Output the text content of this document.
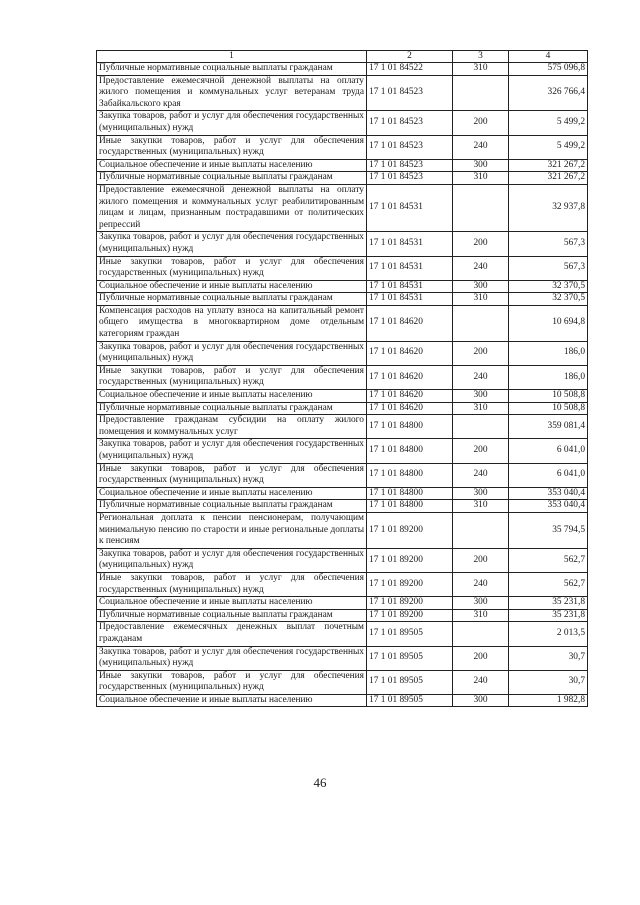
1	2	3	4
Публичные нормативные социальные выплаты гражданам	17 1 01 84522	310	575 096,8
Предоставление ежемесячной денежной выплаты на оплату жилого помещения и коммунальных услуг ветеранам труда Забайкальского края	17 1 01 84523		326 766,4
Закупка товаров, работ и услуг для обеспечения государственных (муниципальных) нужд	17 1 01 84523	200	5 499,2
Иные закупки товаров, работ и услуг для обеспечения государственных (муниципальных) нужд	17 1 01 84523	240	5 499,2
Социальное обеспечение и иные выплаты населению	17 1 01 84523	300	321 267,2
Публичные нормативные социальные выплаты гражданам	17 1 01 84523	310	321 267,2
Предоставление ежемесячной денежной выплаты на оплату жилого помещения и коммунальных услуг реабилитированным лицам и лицам, признанным пострадавшими от политических репрессий	17 1 01 84531		32 937,8
Закупка товаров, работ и услуг для обеспечения государственных (муниципальных) нужд	17 1 01 84531	200	567,3
Иные закупки товаров, работ и услуг для обеспечения государственных (муниципальных) нужд	17 1 01 84531	240	567,3
Социальное обеспечение и иные выплаты населению	17 1 01 84531	300	32 370,5
Публичные нормативные социальные выплаты гражданам	17 1 01 84531	310	32 370,5
Компенсация расходов на уплату взноса на капитальный ремонт общего имущества в многоквартирном доме отдельным категориям граждан	17 1 01 84620		10 694,8
Закупка товаров, работ и услуг для обеспечения государственных (муниципальных) нужд	17 1 01 84620	200	186,0
Иные закупки товаров, работ и услуг для обеспечения государственных (муниципальных) нужд	17 1 01 84620	240	186,0
Социальное обеспечение и иные выплаты населению	17 1 01 84620	300	10 508,8
Публичные нормативные социальные выплаты гражданам	17 1 01 84620	310	10 508,8
Предоставление гражданам субсидии на оплату жилого помещения и коммунальных услуг	17 1 01 84800		359 081,4
Закупка товаров, работ и услуг для обеспечения государственных (муниципальных) нужд	17 1 01 84800	200	6 041,0
Иные закупки товаров, работ и услуг для обеспечения государственных (муниципальных) нужд	17 1 01 84800	240	6 041,0
Социальное обеспечение и иные выплаты населению	17 1 01 84800	300	353 040,4
Публичные нормативные социальные выплаты гражданам	17 1 01 84800	310	353 040,4
Региональная доплата к пенсии пенсионерам, получающим минимальную пенсию по старости и иные региональные доплаты к пенсиям	17 1 01 89200		35 794,5
Закупка товаров, работ и услуг для обеспечения государственных (муниципальных) нужд	17 1 01 89200	200	562,7
Иные закупки товаров, работ и услуг для обеспечения государственных (муниципальных) нужд	17 1 01 89200	240	562,7
Социальное обеспечение и иные выплаты населению	17 1 01 89200	300	35 231,8
Публичные нормативные социальные выплаты гражданам	17 1 01 89200	310	35 231,8
Предоставление ежемесячных денежных выплат почетным гражданам	17 1 01 89505		2 013,5
Закупка товаров, работ и услуг для обеспечения государственных (муниципальных) нужд	17 1 01 89505	200	30,7
Иные закупки товаров, работ и услуг для обеспечения государственных (муниципальных) нужд	17 1 01 89505	240	30,7
Социальное обеспечение и иные выплаты населению	17 1 01 89505	300	1 982,8
46
